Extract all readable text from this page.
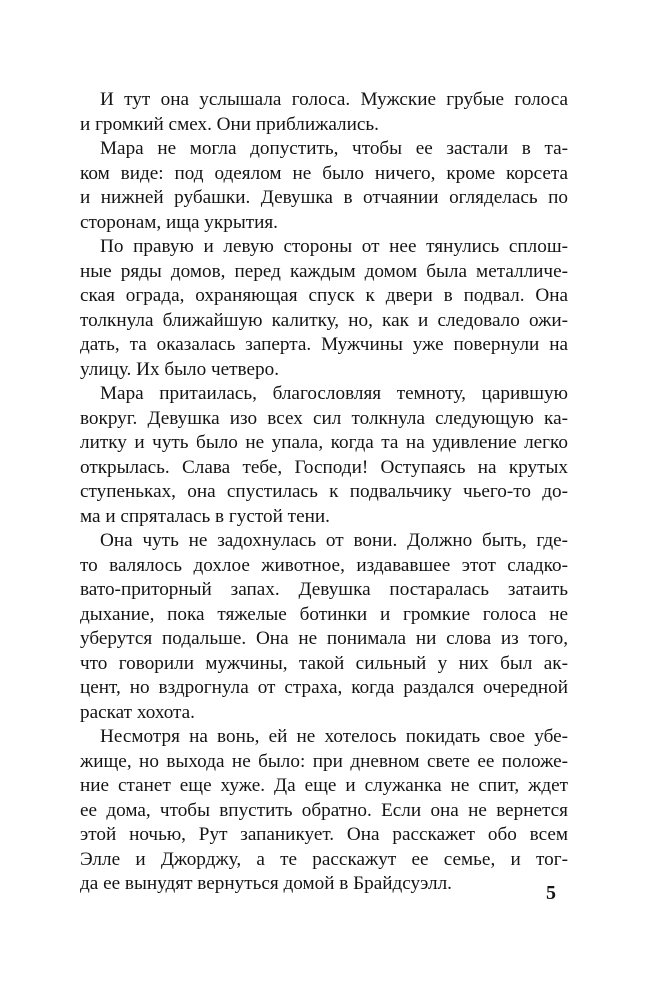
И тут она услышала голоса. Мужские грубые голоса
и громкий смех. Они приближались.
Мара не могла допустить, чтобы ее застали в та-
ком виде: под одеялом не было ничего, кроме корсета
и нижней рубашки. Девушка в отчаянии огляделась по
сторонам, ища укрытия.
По правую и левую стороны от нее тянулись сплош-
ные ряды домов, перед каждым домом была металличе-
ская ограда, охраняющая спуск к двери в подвал. Она
толкнула ближайшую калитку, но, как и следовало ожи-
дать, та оказалась заперта. Мужчины уже повернули на
улицу. Их было четверо.
Мара притаилась, благословляя темноту, царившую
вокруг. Девушка изо всех сил толкнула следующую ка-
литку и чуть было не упала, когда та на удивление легко
открылась. Слава тебе, Господи! Оступаясь на крутых
ступеньках, она спустилась к подвальчику чьего-то до-
ма и спряталась в густой тени.
Она чуть не задохнулась от вони. Должно быть, где-
то валялось дохлое животное, издававшее этот сладко-
вато-приторный запах. Девушка постаралась затаить
дыхание, пока тяжелые ботинки и громкие голоса не
уберутся подальше. Она не понимала ни слова из того,
что говорили мужчины, такой сильный у них был ак-
цент, но вздрогнула от страха, когда раздался очередной
раскат хохота.
Несмотря на вонь, ей не хотелось покидать свое убе-
жище, но выхода не было: при дневном свете ее положе-
ние станет еще хуже. Да еще и служанка не спит, ждет
ее дома, чтобы впустить обратно. Если она не вернется
этой ночью, Рут запаникует. Она расскажет обо всем
Элле и Джорджу, а те расскажут ее семье, и тог-
да ее вынудят вернуться домой в Брайдсуэлл.	5
